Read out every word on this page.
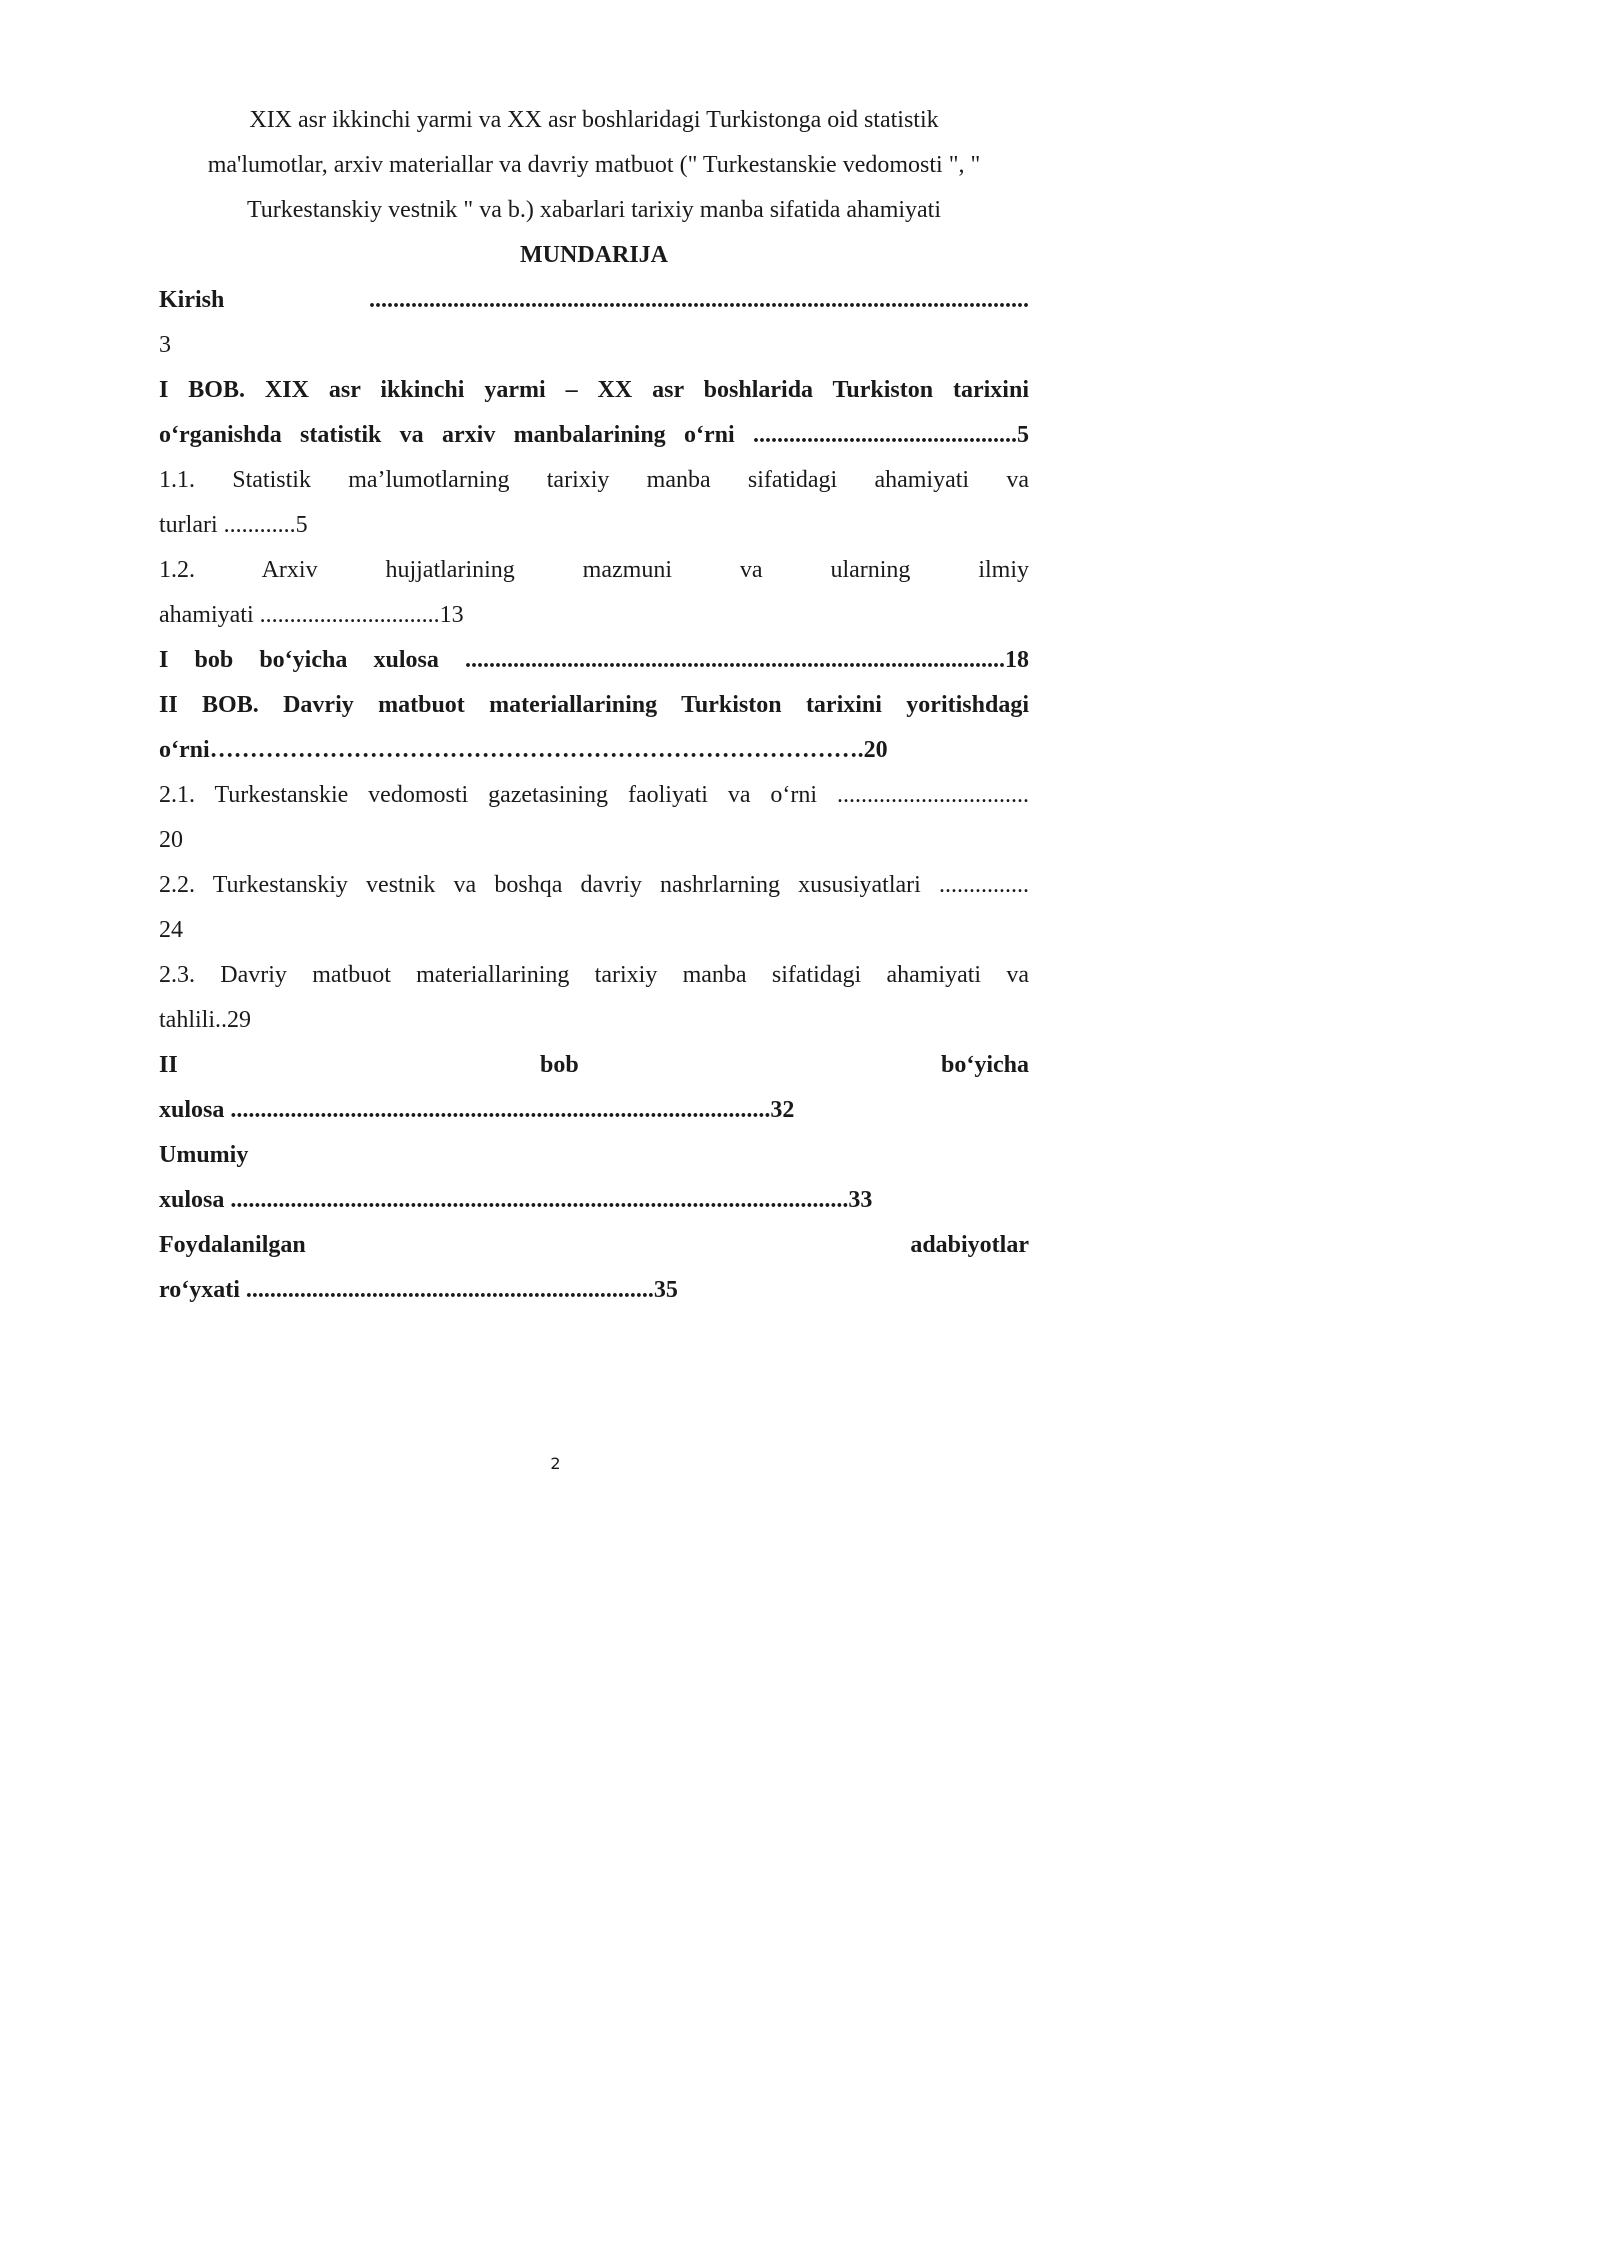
XIX asr ikkinchi yarmi va XX asr boshlaridagi Turkistonga oid statistik
ma'lumotlar, arxiv materiallar va davriy matbuot (" Turkestanskie vedomosti ", "
Turkestanskiy vestnik " va b.) xabarlari tarixiy manba sifatida ahamiyati

MUNDARIJA

Kirish ..............................................................................................................

3

I BOB. XIX asr ikkinchi yarmi – XX asr boshlarida Turkiston tarixini

o‘rganishda statistik va arxiv manbalarining o‘rni ............................................5

1.1. Statistik ma’lumotlarning tarixiy manba sifatidagi ahamiyati va

turlari ............5

1.2. Arxiv hujjatlarining mazmuni va ularning ilmiy

ahamiyati ..............................13

I bob bo‘yicha xulosa ..........................................................................................18

II BOB. Davriy matbuot materiallarining Turkiston tarixini yoritishdagi

o‘rni……………………………………………………………………….20

2.1. Turkestanskie vedomosti gazetasining faoliyati va o‘rni ................................

20

2.2. Turkestanskiy vestnik va boshqa davriy nashrlarning xususiyatlari ...............

24

2.3. Davriy matbuot materiallarining tarixiy manba sifatidagi ahamiyati va

tahlili..29

II bob bo‘yicha

xulosa ..........................................................................................32

Umumiy

xulosa .......................................................................................................33

Foydalanilgan adabiyotlar

ro‘yxati ....................................................................35

2
